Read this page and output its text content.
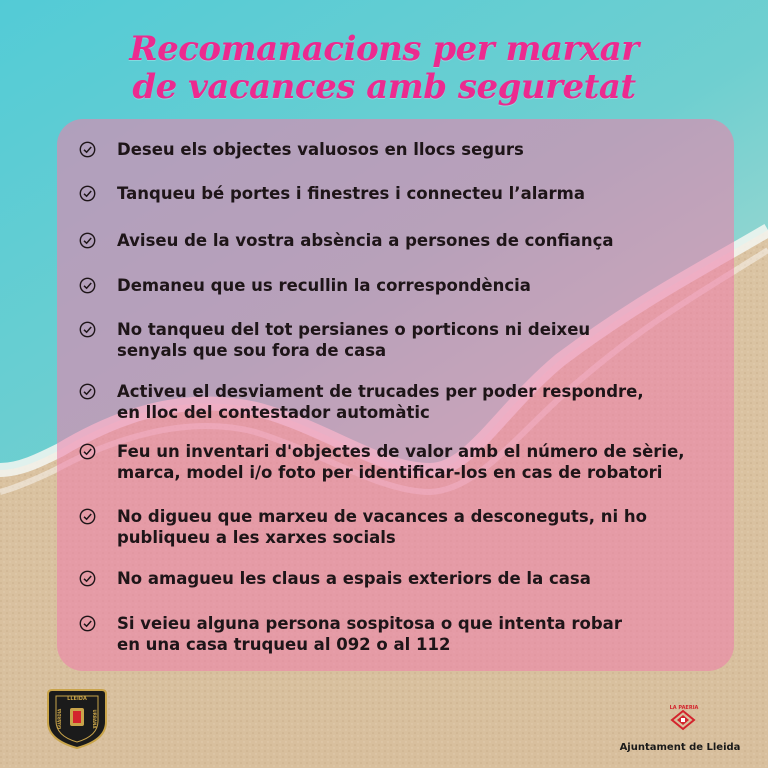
Recomanacions per marxar
de vacances amb seguretat
Deseu els objectes valuosos en llocs segurs
Tanqueu bé portes i finestres i connecteu l’alarma
Aviseu de la vostra absència a persones de confiança
Demaneu que us recullin la correspondència
No tanqueu del tot persianes o porticons ni deixeu
senyals que sou fora de casa
Activeu el desviament de trucades per poder respondre,
en lloc del contestador automàtic
Feu un inventari d'objectes de valor amb el número de sèrie,
marca, model i/o foto per identificar-los en cas de robatori
No digueu que marxeu de vacances a desconeguts, ni ho
publiqueu a les xarxes socials
No amagueu les claus a espais exteriors de la casa
Si veieu alguna persona sospitosa o que intenta robar
en una casa truqueu al 092 o al 112
LLEIDA
GUÀRDIA	URBANA
LA PAERIA
Ajuntament de Lleida
